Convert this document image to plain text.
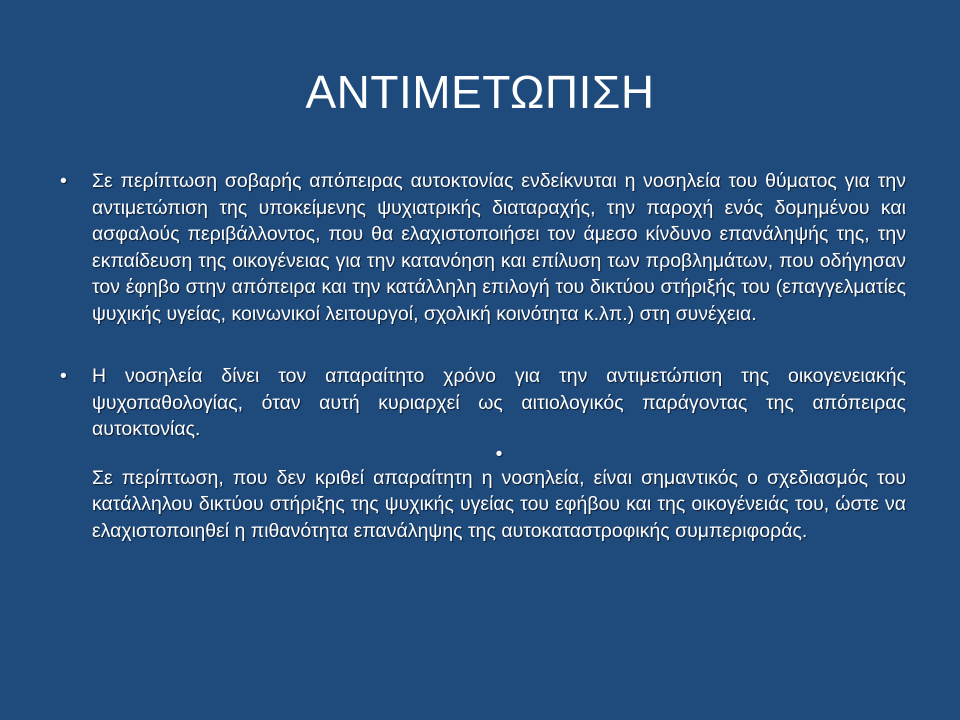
ΑΝΤΙΜΕΤΩΠΙΣΗ
• Σε περίπτωση σοβαρής απόπειρας αυτοκτονίας ενδείκνυται η νοσηλεία του θύματος για την αντιμετώπιση της υποκείμενης ψυχιατρικής διαταραχής, την παροχή ενός δομημένου και ασφαλούς περιβάλλοντος, που θα ελαχιστοποιήσει τον άμεσο κίνδυνο επανάληψής της, την εκπαίδευση της οικογένειας για την κατανόηση και επίλυση των προβλημάτων, που οδήγησαν τον έφηβο στην απόπειρα και την κατάλληλη επιλογή του δικτύου στήριξής του (επαγγελματίες ψυχικής υγείας, κοινωνικοί λειτουργοί, σχολική κοινότητα κ.λπ.) στη συνέχεια.
• Η νοσηλεία δίνει τον απαραίτητο χρόνο για την αντιμετώπιση της οικογενειακής ψυχοπαθολογίας, όταν αυτή κυριαρχεί ως αιτιολογικός παράγοντας της απόπειρας αυτοκτονίας.
•
Σε περίπτωση, που δεν κριθεί απαραίτητη η νοσηλεία, είναι σημαντικός ο σχεδιασμός του κατάλληλου δικτύου στήριξης της ψυχικής υγείας του εφήβου και της οικογένειάς του, ώστε να ελαχιστοποιηθεί η πιθανότητα επανάληψης της αυτοκαταστροφικής συμπεριφοράς.
